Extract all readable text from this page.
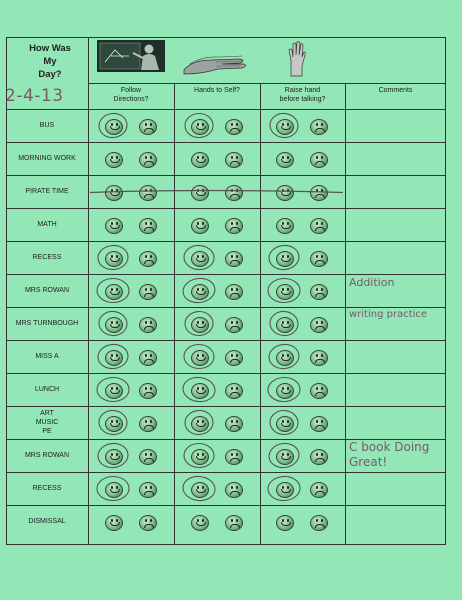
How Was
My
Day?
2-4-13	Follow
Directions?
Hands to Self?	Raise hand
before talking?
Comments
BUS
MORNING WORK
PIRATE TIME
MATH
RECESS
MRS ROWAN
MRS TURNBOUGH
MISS A
LUNCH
ART
MUSIC
PE
MRS ROWAN
RECESS
DISMISSAL
Addition
writing practice
C book Doing Great!
